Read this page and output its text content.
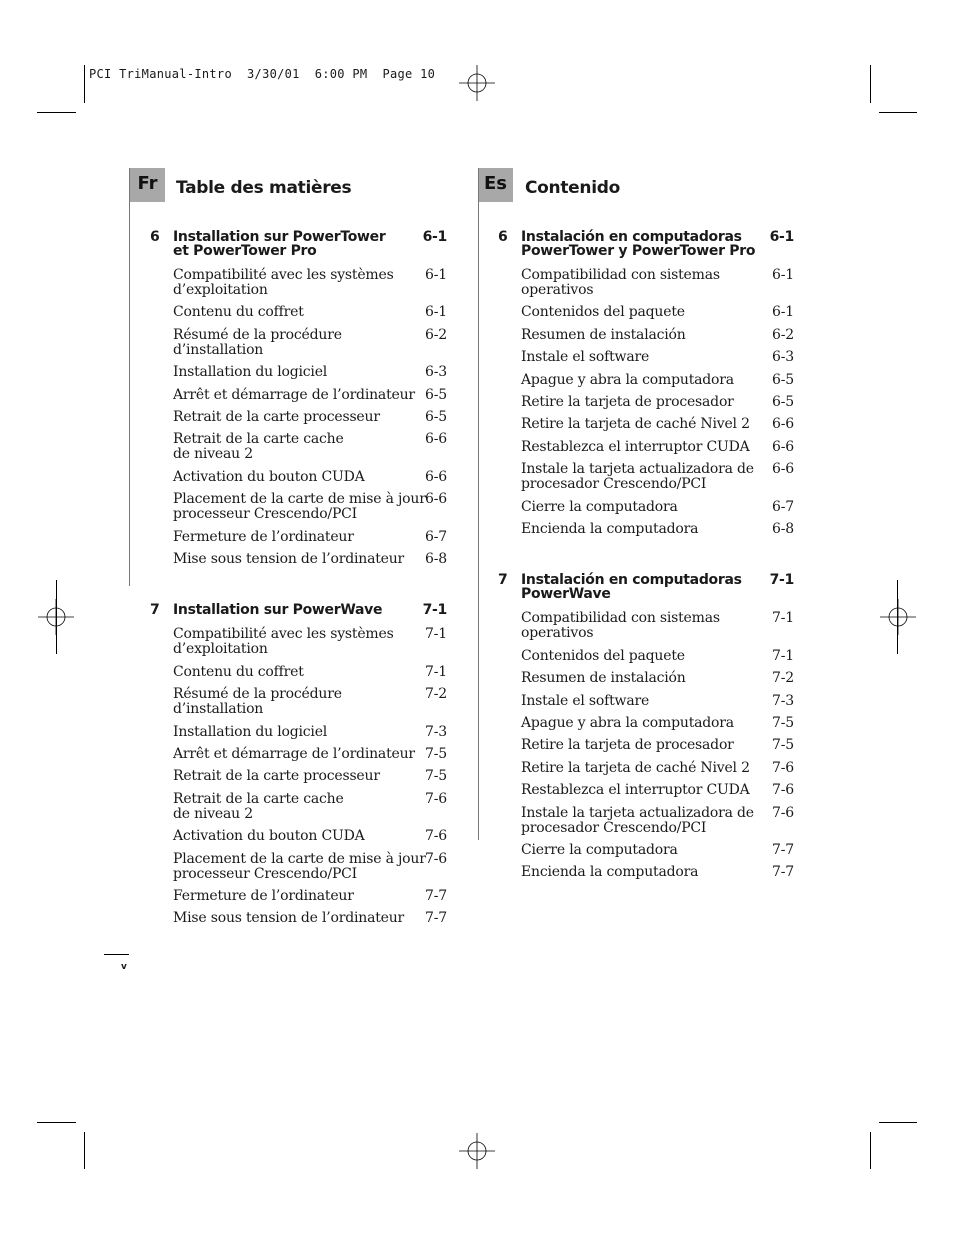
PCI TriManual-Intro  3/30/01  6:00 PM  Page 10
Fr	Table des matières
6 Installation sur PowerTower
et PowerTower Pro
6-1
Compatibilité avec les systèmes
d’exploitation
6-1
Contenu du coffret	6-1
Résumé de la procédure
d’installation
6-2
Installation du logiciel	6-3
Arrêt et démarrage de l’ordinateur 6-5
Retrait de la carte processeur	6-5
Retrait de la carte cache
de niveau 2
6-6
Activation du bouton CUDA	6-6
Placement de la carte de mise à jour
processeur Crescendo/PCI
6-6
Fermeture de l’ordinateur	6-7
Mise sous tension de l’ordinateur 6-8
7 Installation sur PowerWave	7-1
Compatibilité avec les systèmes
d’exploitation
7-1
Contenu du coffret	7-1
Résumé de la procédure
d’installation
7-2
Installation du logiciel	7-3
Arrêt et démarrage de l’ordinateur 7-5
Retrait de la carte processeur	7-5
Retrait de la carte cache
de niveau 2
7-6
Activation du bouton CUDA	7-6
Placement de la carte de mise à jour
processeur Crescendo/PCI
7-6
Fermeture de l’ordinateur	7-7
Mise sous tension de l’ordinateur 7-7
Es	Contenido
6 Instalación en computadoras
PowerTower y PowerTower Pro
6-1
Compatibilidad con sistemas
operativos
6-1
Contenidos del paquete	6-1
Resumen de instalación	6-2
Instale el software	6-3
Apague y abra la computadora	6-5
Retire la tarjeta de procesador	6-5
Retire la tarjeta de caché Nivel 2 6-6
Restablezca el interruptor CUDA 6-6
Instale la tarjeta actualizadora de
procesador Crescendo/PCI
6-6
Cierre la computadora	6-7
Encienda la computadora	6-8
7 Instalación en computadoras
PowerWave
7-1
Compatibilidad con sistemas
operativos
7-1
Contenidos del paquete	7-1
Resumen de instalación	7-2
Instale el software	7-3
Apague y abra la computadora	7-5
Retire la tarjeta de procesador	7-5
Retire la tarjeta de caché Nivel 2 7-6
Restablezca el interruptor CUDA 7-6
Instale la tarjeta actualizadora de
procesador Crescendo/PCI
7-6
Cierre la computadora	7-7
Encienda la computadora	7-7
v
